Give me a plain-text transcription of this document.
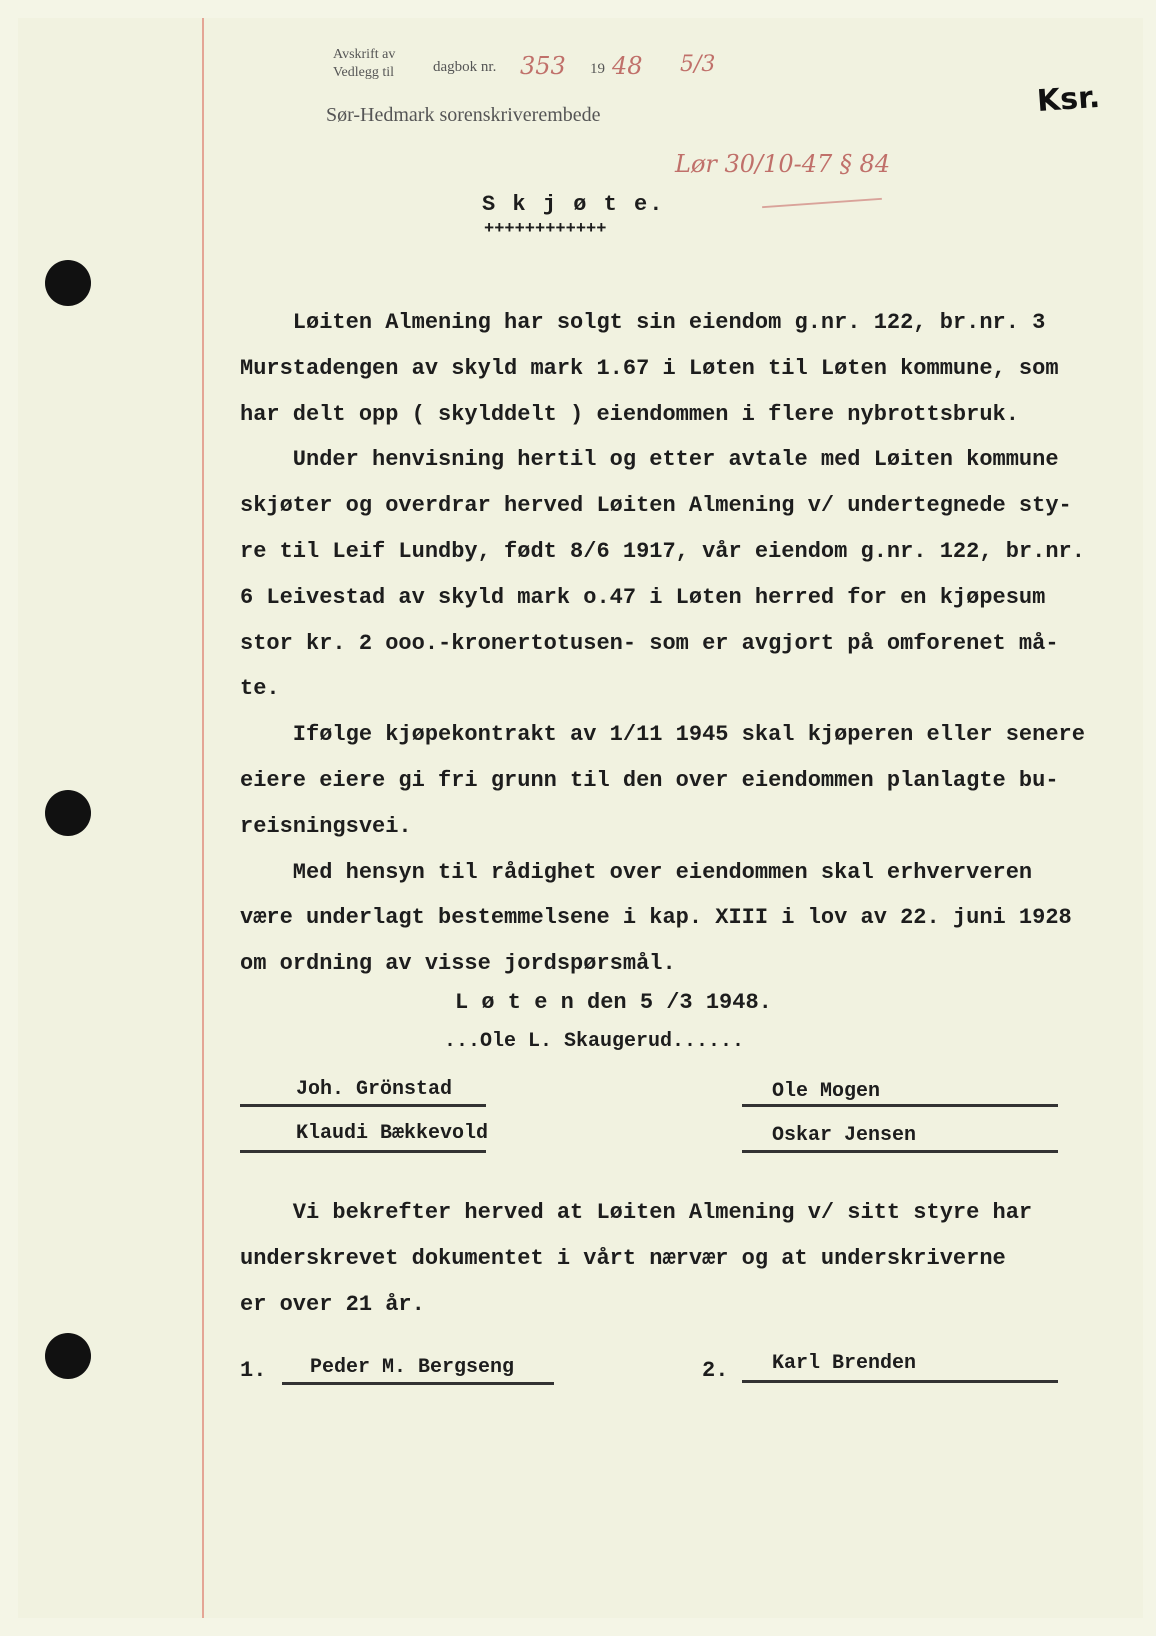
Avskrift av
Vedlegg til	dagbok nr. 353 19 48 5/3
Sør-Hedmark sorenskriverembede
Lør 30/10-47 § 84
Ksr.
S k j ø t e.
++++++++++++
Løiten Almening har solgt sin eiendom g.nr. 122, br.nr. 3
Murstadengen av skyld mark 1.67 i Løten til Løten kommune, som
har delt opp ( skylddelt ) eiendommen i flere nybrottsbruk.
Under henvisning hertil og etter avtale med Løiten kommune
skjøter og overdrar herved Løiten Almening v/ undertegnede sty-
re til Leif Lundby, født 8/6 1917, vår eiendom g.nr. 122, br.nr.
6 Leivestad av skyld mark o.47 i Løten herred for en kjøpesum
stor kr. 2 ooo.-kronertotusen- som er avgjort på omforenet må-
te.
Ifølge kjøpekontrakt av 1/11 1945 skal kjøperen eller senere
eiere eiere gi fri grunn til den over eiendommen planlagte bu-
reisningsvei.
Med hensyn til rådighet over eiendommen skal erhververen
være underlagt bestemmelsene i kap. XIII i lov av 22. juni 1928
om ordning av visse jordspørsmål.
L ø t e n den 5 /3 1948.
...Ole L. Skaugerud......
Joh. Grönstad
Klaudi Bækkevold
Ole Mogen
Oskar Jensen
Vi bekrefter herved at Løiten Almening v/ sitt styre har
underskrevet dokumentet i vårt nærvær og at underskriverne
er over 21 år.
1. Peder M. Bergseng	2. Karl Brenden
